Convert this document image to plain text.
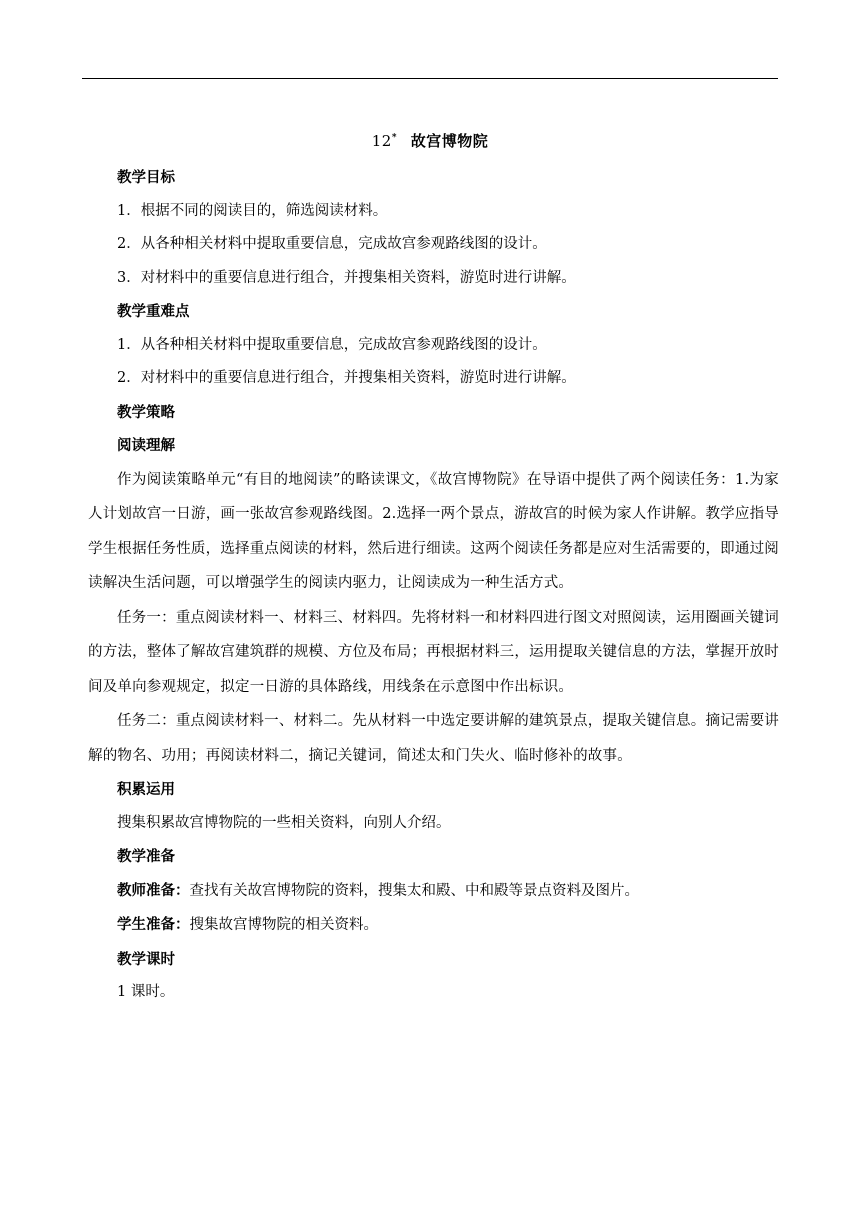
12* 故宫博物院
教学目标
1．根据不同的阅读目的，筛选阅读材料。
2．从各种相关材料中提取重要信息，完成故宫参观路线图的设计。
3．对材料中的重要信息进行组合，并搜集相关资料，游览时进行讲解。
教学重难点
1．从各种相关材料中提取重要信息，完成故宫参观路线图的设计。
2．对材料中的重要信息进行组合，并搜集相关资料，游览时进行讲解。
教学策略
阅读理解
作为阅读策略单元“有目的地阅读”的略读课文，《故宫博物院》在导语中提供了两个阅读任务：1.为家人计划故宫一日游，画一张故宫参观路线图。2.选择一两个景点，游故宫的时候为家人作讲解。教学应指导学生根据任务性质，选择重点阅读的材料，然后进行细读。这两个阅读任务都是应对生活需要的，即通过阅读解决生活问题，可以增强学生的阅读内驱力，让阅读成为一种生活方式。
任务一：重点阅读材料一、材料三、材料四。先将材料一和材料四进行图文对照阅读，运用圈画关键词的方法，整体了解故宫建筑群的规模、方位及布局；再根据材料三，运用提取关键信息的方法，掌握开放时间及单向参观规定，拟定一日游的具体路线，用线条在示意图中作出标识。
任务二：重点阅读材料一、材料二。先从材料一中选定要讲解的建筑景点，提取关键信息。摘记需要讲解的物名、功用；再阅读材料二，摘记关键词，简述太和门失火、临时修补的故事。
积累运用
搜集积累故宫博物院的一些相关资料，向别人介绍。
教学准备
教师准备：查找有关故宫博物院的资料，搜集太和殿、中和殿等景点资料及图片。
学生准备：搜集故宫博物院的相关资料。
教学课时
1 课时。
